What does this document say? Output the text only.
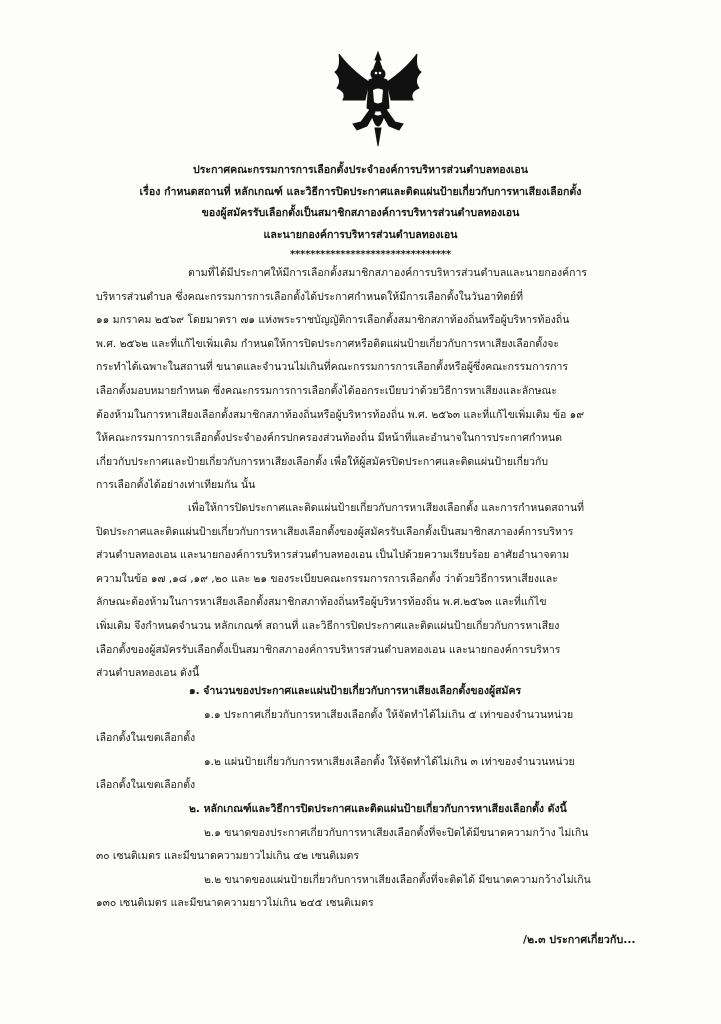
ประกาศคณะกรรมการการเลือกตั้งประจำองค์การบริหารส่วนตำบลทองเอน
เรื่อง กำหนดสถานที่ หลักเกณฑ์ และวิธีการปิดประกาศและติดแผ่นป้ายเกี่ยวกับการหาเสียงเลือกตั้ง
ของผู้สมัครรับเลือกตั้งเป็นสมาชิกสภาองค์การบริหารส่วนตำบลทองเอน
และนายกองค์การบริหารส่วนตำบลทองเอน
********************************
ตามที่ได้มีประกาศให้มีการเลือกตั้งสมาชิกสภาองค์การบริหารส่วนตำบลและนายกองค์การ
บริหารส่วนตำบล ซึ่งคณะกรรมการการเลือกตั้งได้ประกาศกำหนดให้มีการเลือกตั้งในวันอาทิตย์ที่
๑๑ มกราคม ๒๕๖๙ โดยมาตรา ๗๑ แห่งพระราชบัญญัติการเลือกตั้งสมาชิกสภาท้องถิ่นหรือผู้บริหารท้องถิ่น
พ.ศ. ๒๕๖๒ และที่แก้ไขเพิ่มเติม กำหนดให้การปิดประกาศหรือติดแผ่นป้ายเกี่ยวกับการหาเสียงเลือกตั้งจะ
กระทำได้เฉพาะในสถานที่ ขนาดและจำนวนไม่เกินที่คณะกรรมการการเลือกตั้งหรือผู้ซึ่งคณะกรรมการการ
เลือกตั้งมอบหมายกำหนด ซึ่งคณะกรรมการการเลือกตั้งได้ออกระเบียบว่าด้วยวิธีการหาเสียงและลักษณะ
ต้องห้ามในการหาเสียงเลือกตั้งสมาชิกสภาท้องถิ่นหรือผู้บริหารท้องถิ่น พ.ศ. ๒๕๖๓ และที่แก้ไขเพิ่มเติม ข้อ ๑๙
ให้คณะกรรมการการเลือกตั้งประจำองค์กรปกครองส่วนท้องถิ่น มีหน้าที่และอำนาจในการประกาศกำหนด
เกี่ยวกับประกาศและป้ายเกี่ยวกับการหาเสียงเลือกตั้ง เพื่อให้ผู้สมัครปิดประกาศและติดแผ่นป้ายเกี่ยวกับ
การเลือกตั้งได้อย่างเท่าเทียมกัน นั้น
เพื่อให้การปิดประกาศและติดแผ่นป้ายเกี่ยวกับการหาเสียงเลือกตั้ง และการกำหนดสถานที่
ปิดประกาศและติดแผ่นป้ายเกี่ยวกับการหาเสียงเลือกตั้งของผู้สมัครรับเลือกตั้งเป็นสมาชิกสภาองค์การบริหาร
ส่วนตำบลทองเอน และนายกองค์การบริหารส่วนตำบลทองเอน เป็นไปด้วยความเรียบร้อย อาศัยอำนาจตาม
ความในข้อ ๑๗ ,๑๘ ,๑๙ ,๒๐ และ ๒๑ ของระเบียบคณะกรรมการการเลือกตั้ง ว่าด้วยวิธีการหาเสียงและ
ลักษณะต้องห้ามในการหาเสียงเลือกตั้งสมาชิกสภาท้องถิ่นหรือผู้บริหารท้องถิ่น พ.ศ.๒๕๖๓ และที่แก้ไข
เพิ่มเติม จึงกำหนดจำนวน หลักเกณฑ์ สถานที่ และวิธีการปิดประกาศและติดแผ่นป้ายเกี่ยวกับการหาเสียง
เลือกตั้งของผู้สมัครรับเลือกตั้งเป็นสมาชิกสภาองค์การบริหารส่วนตำบลทองเอน และนายกองค์การบริหาร
ส่วนตำบลทองเอน ดังนี้
๑. จำนวนของประกาศและแผ่นป้ายเกี่ยวกับการหาเสียงเลือกตั้งของผู้สมัคร
๑.๑ ประกาศเกี่ยวกับการหาเสียงเลือกตั้ง ให้จัดทำได้ไม่เกิน ๕ เท่าของจำนวนหน่วย
เลือกตั้งในเขตเลือกตั้ง
๑.๒ แผ่นป้ายเกี่ยวกับการหาเสียงเลือกตั้ง ให้จัดทำได้ไม่เกิน ๓ เท่าของจำนวนหน่วย
เลือกตั้งในเขตเลือกตั้ง
๒. หลักเกณฑ์และวิธีการปิดประกาศและติดแผ่นป้ายเกี่ยวกับการหาเสียงเลือกตั้ง ดังนี้
๒.๑ ขนาดของประกาศเกี่ยวกับการหาเสียงเลือกตั้งที่จะปิดได้มีขนาดความกว้าง ไม่เกิน
๓๐ เซนติเมตร และมีขนาดความยาวไม่เกิน ๔๒ เซนติเมตร
๒.๒ ขนาดของแผ่นป้ายเกี่ยวกับการหาเสียงเลือกตั้งที่จะติดได้ มีขนาดความกว้างไม่เกิน
๑๓๐ เซนติเมตร และมีขนาดความยาวไม่เกิน ๒๔๕ เซนติเมตร
/๒.๓ ประกาศเกี่ยวกับ...
